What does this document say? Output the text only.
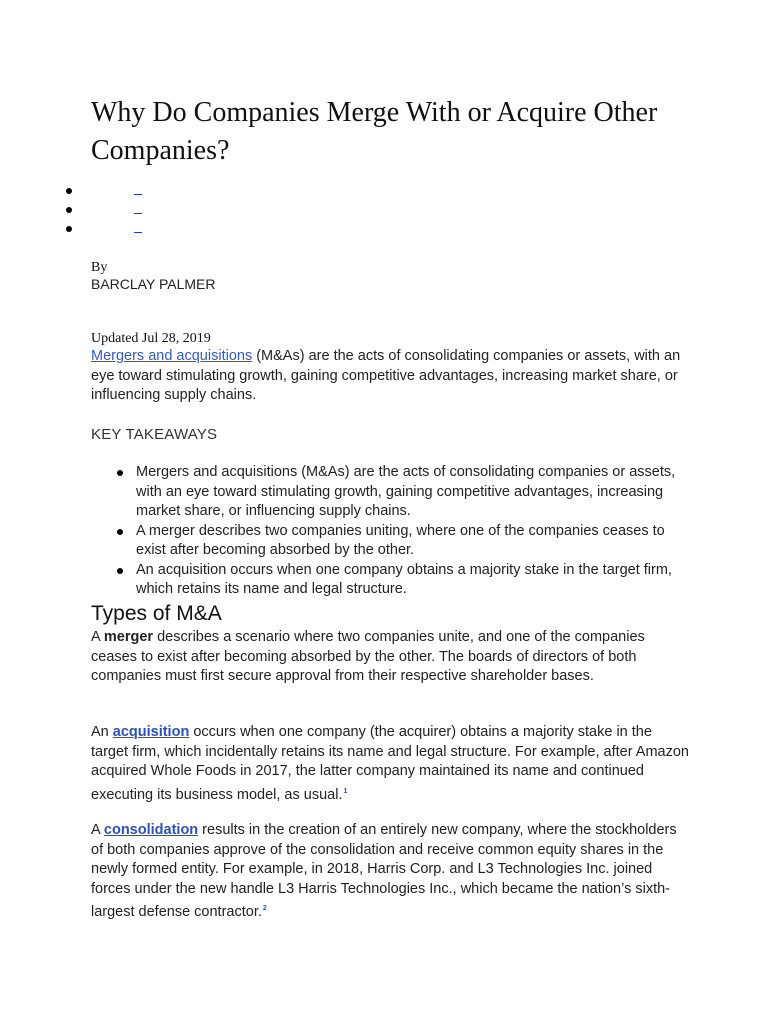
Why Do Companies Merge With or Acquire Other Companies?
By
BARCLAY PALMER
Updated Jul 28, 2019

Mergers and acquisitions (M&As) are the acts of consolidating companies or assets, with an eye toward stimulating growth, gaining competitive advantages, increasing market share, or influencing supply chains.

KEY TAKEAWAYS
Mergers and acquisitions (M&As) are the acts of consolidating companies or assets, with an eye toward stimulating growth, gaining competitive advantages, increasing market share, or influencing supply chains.
A merger describes two companies uniting, where one of the companies ceases to exist after becoming absorbed by the other.
An acquisition occurs when one company obtains a majority stake in the target firm, which retains its name and legal structure.
Types of M&A

A merger describes a scenario where two companies unite, and one of the companies ceases to exist after becoming absorbed by the other. The boards of directors of both companies must first secure approval from their respective shareholder bases.

An acquisition occurs when one company (the acquirer) obtains a majority stake in the target firm, which incidentally retains its name and legal structure. For example, after Amazon acquired Whole Foods in 2017, the latter company maintained its name and continued executing its business model, as usual.$^1$

A consolidation results in the creation of an entirely new company, where the stockholders of both companies approve of the consolidation and receive common equity shares in the newly formed entity. For example, in 2018, Harris Corp. and L3 Technologies Inc. joined forces under the new handle L3 Harris Technologies Inc., which became the nation’s sixth-largest defense contractor.$^2$
